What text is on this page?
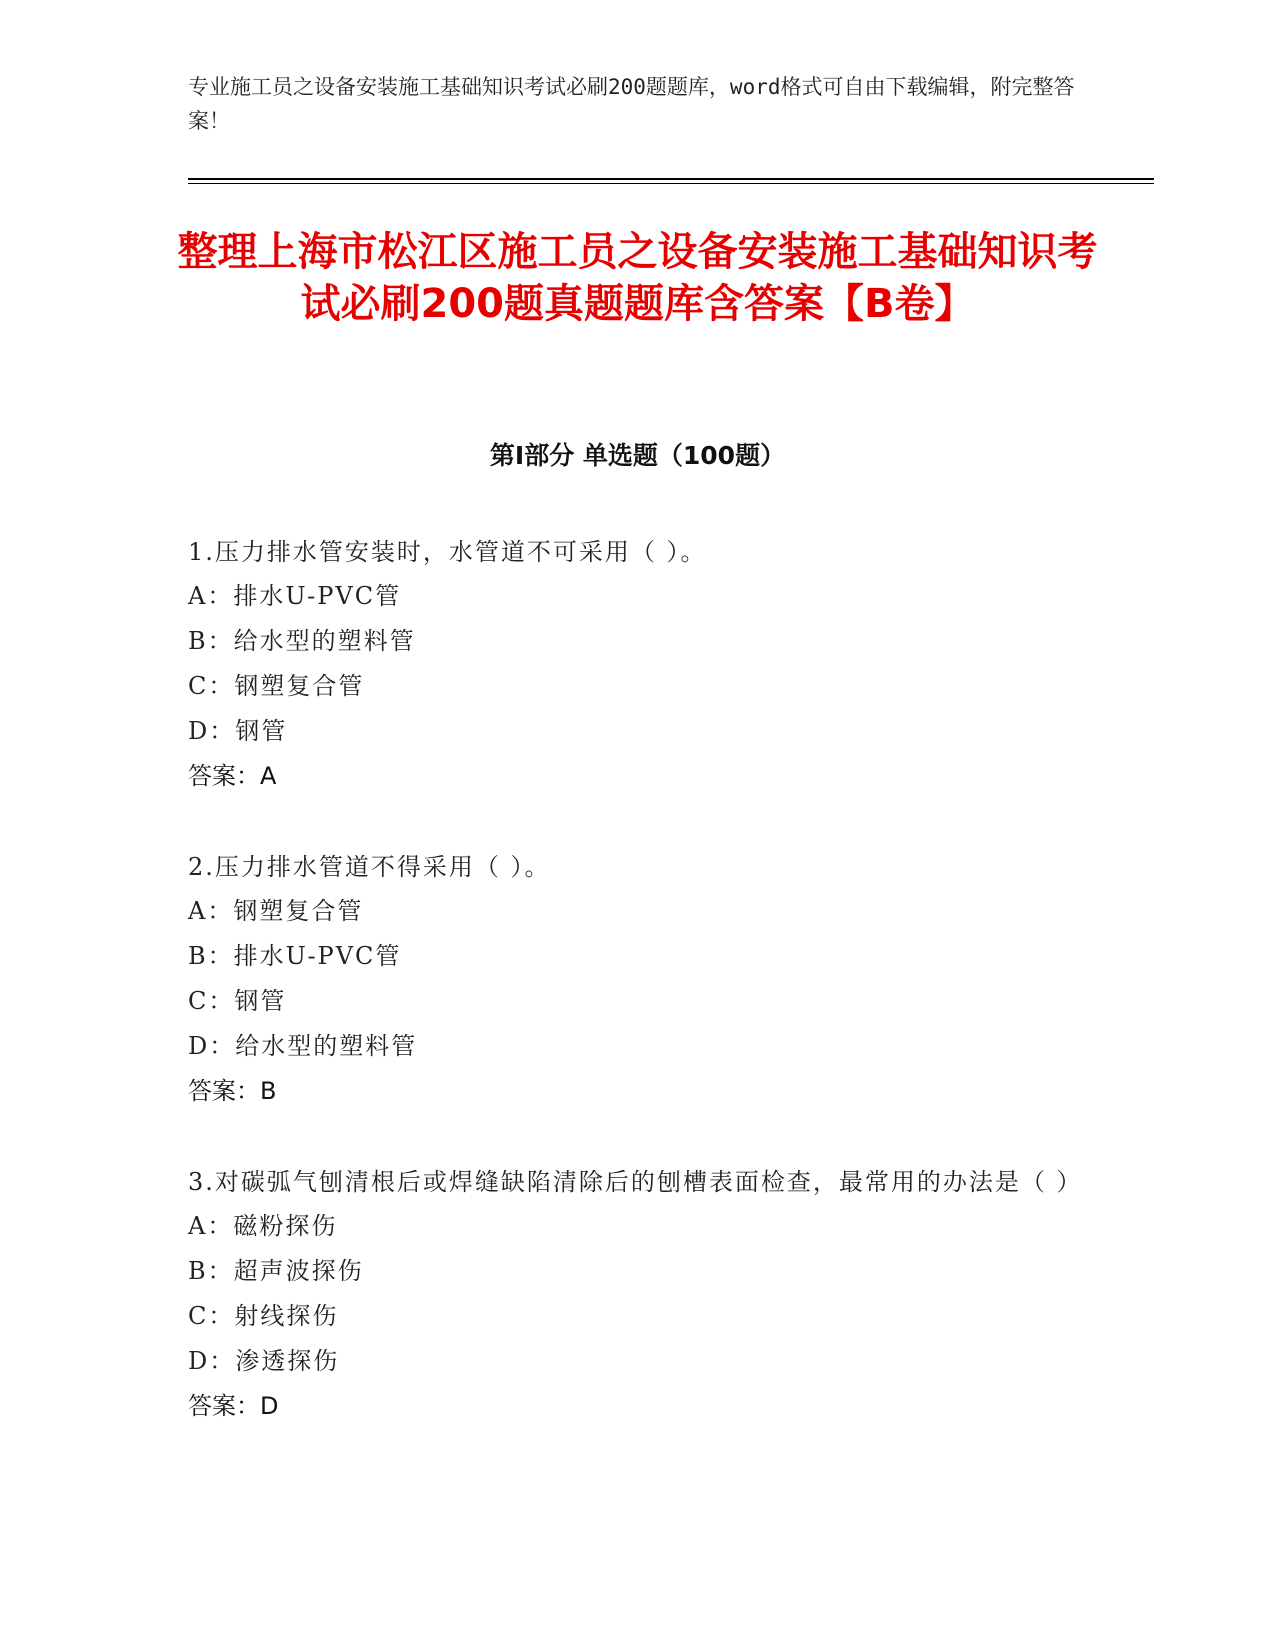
专业施工员之设备安装施工基础知识考试必刷200题题库，word格式可自由下载编辑，附完整答案！
整理上海市松江区施工员之设备安装施工基础知识考试必刷200题真题题库含答案【B卷】
第I部分 单选题（100题）
1.压力排水管安装时，水管道不可采用（ ）。
A：排水U-PVC管
B：给水型的塑料管
C：钢塑复合管
D：钢管
答案：A
2.压力排水管道不得采用（ ）。
A：钢塑复合管
B：排水U-PVC管
C：钢管
D：给水型的塑料管
答案：B
3.对碳弧气刨清根后或焊缝缺陷清除后的刨槽表面检查，最常用的办法是（ ）
A：磁粉探伤
B：超声波探伤
C：射线探伤
D：渗透探伤
答案：D
